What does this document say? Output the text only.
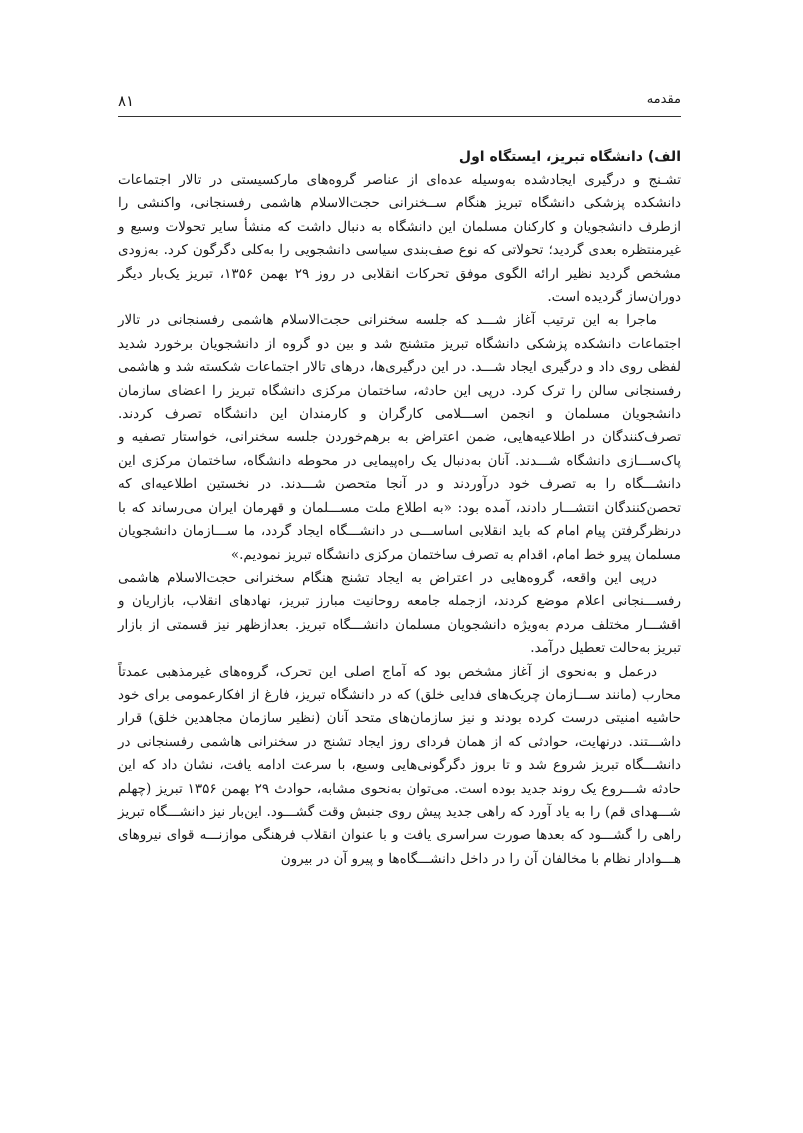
۸۱	مقدمه
الف) دانشگاه تبریز، ایستگاه اول

تشـنج و درگیری ایجادشده به‌وسیله عده‌ای از عناصر گروه‌های مارکسیستی در تالار اجتماعات دانشکده پزشکی دانشگاه تبریز هنگام ســخنرانی حجت‌الاسلام هاشمی رفسنجانی، واکنشی را ازطرف دانشجویان و کارکنان مسلمان این دانشگاه به دنبال داشت که منشأ سایر تحولات وسیع و غیرمنتظره بعدی گردید؛ تحولاتی که نوع صف‌بندی سیاسی دانشجویی را به‌کلی دگرگون کرد. به‌زودی مشخص گردید نظیر ارائه الگوی موفق تحرکات انقلابی در روز ۲۹ بهمن ۱۳۵۶، تبریز یک‌بار دیگر دوران‌ساز گردیده است.

ماجرا به این ترتیب آغاز شـــد که جلسه سخنرانی حجت‌الاسلام هاشمی رفسنجانی در تالار اجتماعات دانشکده پزشکی دانشگاه تبریز متشنج شد و بین دو گروه از دانشجویان برخورد شدید لفظی روی داد و درگیری ایجاد شـــد. در این درگیری‌ها، درهای تالار اجتماعات شکسته شد و هاشمی رفسنجانی سالن را ترک کرد. درپی این حادثه، ساختمان مرکزی دانشگاه تبریز را اعضای سازمان دانشجویان مسلمان و انجمن اســـلامی کارگران و کارمندان این دانشگاه تصرف کردند. تصرف‌کنندگان در اطلاعیه‌هایی، ضمن اعتراض به برهم‌خوردن جلسه سخنرانی، خواستار تصفیه و پاک‌ســـازی دانشگاه شـــدند. آنان به‌دنبال یک راه‌پیمایی در محوطه دانشگاه، ساختمان مرکزی این دانشـــگاه را به تصرف خود درآوردند و در آنجا متحصن شـــدند. در نخستین اطلاعیه‌ای که تحصن‌کنندگان انتشـــار دادند، آمده بود: «به اطلاع ملت مســـلمان و قهرمان ایران می‌رساند که با درنظرگرفتن پیام امام که باید انقلابی اساســـی در دانشـــگاه ایجاد گردد، ما ســـازمان دانشجویان مسلمان پیرو خط امام، اقدام به تصرف ساختمان مرکزی دانشگاه تبریز نمودیم.»

درپی این واقعه، گروه‌هایی در اعتراض به ایجاد تشنج هنگام سخنرانی حجت‌الاسلام هاشمی رفســـنجانی اعلام موضع کردند، ازجمله جامعه روحانیت مبارز تبریز، نهادهای انقلاب، بازاریان و اقشـــار مختلف مردم به‌ویژه دانشجویان مسلمان دانشـــگاه تبریز. بعدازظهر نیز قسمتی از بازار تبریز به‌حالت تعطیل درآمد.

درعمل و به‌نحوی از آغاز مشخص بود که آماج اصلی این تحرک، گروه‌های غیرمذهبی عمدتاً محارب (مانند ســـازمان چریک‌های فدایی خلق) که در دانشگاه تبریز، فارغ از افکارعمومی برای خود حاشیه امنیتی درست کرده بودند و نیز سازمان‌های متحد آنان (نظیر سازمان مجاهدین خلق) قرار داشـــتند. درنهایت، حوادثی که از همان فردای روز ایجاد تشنج در سخنرانی هاشمی رفسنجانی در دانشـــگاه تبریز شروع شد و تا بروز دگرگونی‌هایی وسیع، با سرعت ادامه یافت، نشان داد که این حادثه شـــروع یک روند جدید بوده است. می‌توان به‌نحوی مشابه، حوادث ۲۹ بهمن ۱۳۵۶ تبریز (چهلم شـــهدای قم) را به یاد آورد که راهی جدید پیش روی جنبش وقت گشـــود. این‌بار نیز دانشـــگاه تبریز راهی را گشـــود که بعدها صورت سراسری یافت و با عنوان انقلاب فرهنگی موازنـــه قوای نیروهای هـــوادار نظام با مخالفان آن را در داخل دانشـــگاه‌ها و پیرو آن در بیرون
